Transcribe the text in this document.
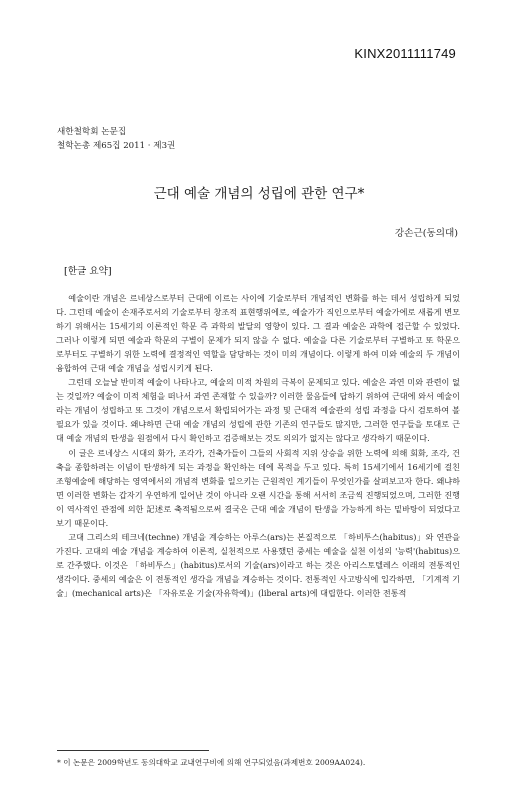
KINX2011111749
새한철학회 논문집
철학논총 제65집 2011 · 제3권
근대 예술 개념의 성립에 관한 연구*
강손근(동의대)
[한글 요약]

예술이란 개념은 르네상스로부터 근대에 이르는 사이에 기술로부터 개념적인 변화를 하는 데서 성립하게 되었다. 그런데 예술이 손재주로서의 기술로부터 창조적 표현행위에로, 예술가가 직인으로부터 예술가에로 새롭게 변모하기 위해서는 15세기의 이론적인 학문 즉 과학의 발달의 영향이 있다. 그 결과 예술은 과학에 접근할 수 있었다. 그러나 이렇게 되면 예술과 학문의 구별이 문제가 되지 않을 수 없다. 예술을 다른 기술로부터 구별하고 또 학문으로부터도 구별하기 위한 노력에 결정적인 역할을 담당하는 것이 미의 개념이다. 이렇게 하여 미와 예술의 두 개념이 융합하여 근대 예술 개념을 성립시키게 된다.

그런데 오늘날 반미적 예술이 나타나고, 예술의 미적 차원의 극복이 문제되고 있다. 예술은 과연 미와 관련이 없는 것일까? 예술이 미적 체험을 떠나서 과연 존재할 수 있을까? 이러한 물음들에 답하기 위하여 근대에 와서 예술이라는 개념이 성립하고 또 그것이 개념으로서 확립되어가는 과정 및 근대적 예술관의 성립 과정을 다시 검토하여 볼 필요가 있을 것이다. 왜냐하면 근대 예술 개념의 성립에 관한 기존의 연구들도 많지만, 그러한 연구들을 토대로 근대 예술 개념의 탄생을 원점에서 다시 확인하고 검증해보는 것도 의의가 없지는 않다고 생각하기 때문이다.

이 글은 르네상스 시대의 화가, 조각가, 건축가들이 그들의 사회적 지위 상승을 위한 노력에 의해 회화, 조각, 건축을 종합하려는 이념이 탄생하게 되는 과정을 확인하는 데에 목적을 두고 있다. 특히 15세기에서 16세기에 걸친 조형예술에 해당하는 영역에서의 개념적 변화를 일으키는 근원적인 계기들이 무엇인가를 살펴보고자 한다. 왜냐하면 이러한 변화는 갑자기 우연하게 일어난 것이 아니라 오랜 시간을 통해 서서히 조금씩 진행되었으며, 그러한 진행이 역사적인 관점에 의한 記述로 축적됨으로써 결국은 근대 예술 개념이 탄생을 가능하게 하는 밑바탕이 되었다고 보기 때문이다.

고대 그리스의 테크네(techne) 개념을 계승하는 아루스(ars)는 본질적으로 「하비투스(habitus)」와 연관을 가진다. 고대의 예술 개념을 계승하여 이론적, 실천적으로 사용했던 중세는 예술을 실천 이성의 '능력'(habitus)으로 간주했다. 이것은 「하비투스」(habitus)로서의 기술(ars)이라고 하는 것은 아리스토텔레스 이래의 전통적인 생각이다. 중세의 예술은 이 전통적인 생각을 개념을 계승하는 것이다. 전통적인 사고방식에 입각하면, 「기계적 기술」(mechanical arts)은 「자유로운 기술(자유학예)」(liberal arts)에 대립한다. 이러한 전통적

* 이 논문은 2009학년도 동의대학교 교내연구비에 의해 연구되었음(과제번호 2009AA024).
